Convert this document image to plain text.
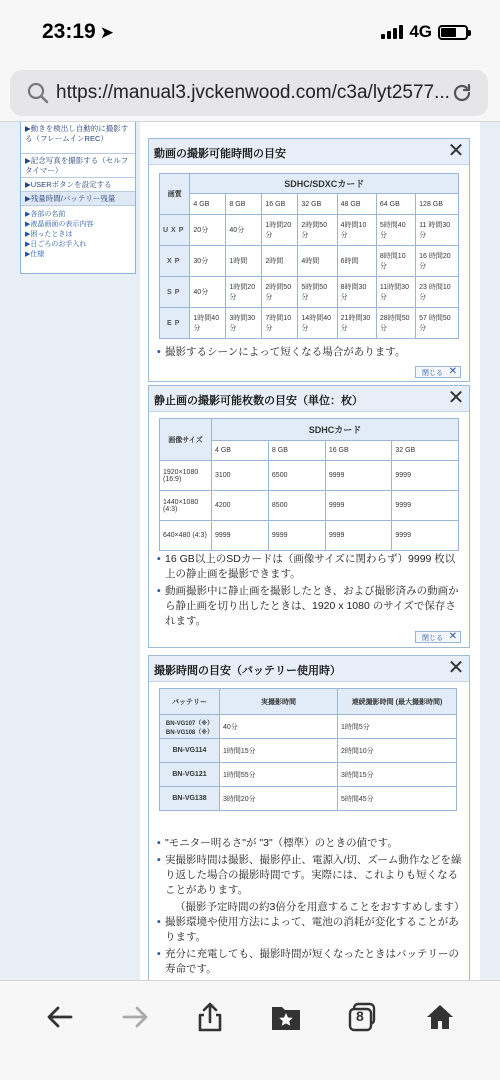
23:19 ➤	4G
https://manual3.jvckenwood.com/c3a/lyt2577...
▶動きを検出し自動的に撮影する（フレームインREC）
▶記念写真を撮影する（セルフタイマー）
▶USERボタンを設定する
▶残量時間/バッテリー残量
▶各部の名前
▶液晶画面の表示内容
▶困ったときは
▶日ごろのお手入れ
▶仕様
動画の撮影可能時間の目安	✕
画質	SDHC/SDXCカード						
	4 GB	8 GB	16 GB	32 GB	48 GB	64 GB	128 GB
UXP	20分	40分	1時間20分	2時間50分	4時間10分	5時間40分	11 時間30 分
XP	30分	1時間	2時間	4時間	6時間	8時間10分	16 時間20 分
SP	40分	1時間20分	2時間50分	5時間50分	8時間30分	11時間30分	23 時間10 分
EP	1時間40分	3時間30分	7時間10分	14時間40分	21時間30分	28時間50分	57 時間50 分
• 撮影するシーンによって短くなる場合があります。
閉じる ✕
静止画の撮影可能枚数の目安（単位：枚）	✕
画像サイズ	SDHCカード			
	4 GB	8 GB	16 GB	32 GB
1920×1080 (16:9)	3100	6500	9999	9999
1440×1080 (4:3)	4200	8500	9999	9999
640×480 (4:3)	9999	9999	9999	9999
• 16 GB以上のSDカードは（画像サイズに関わらず）9999 枚以上の静止画を撮影できます。
• 動画撮影中に静止画を撮影したとき、および撮影済みの動画から静止画を切り出したときは、1920 x 1080 のサイズで保存されます。
閉じる ✕
撮影時間の目安（バッテリー使用時）	✕
バッテリー	実撮影時間	連続撮影時間 (最大撮影時間)
BN-VG107（※）BN-VG108（※）	40分	1時間5分
BN-VG114	1時間15分	2時間10分
BN-VG121	1時間55分	3時間15分
BN-VG138	3時間20分	5時間45分
• "モニター明るさ"が "3"（標準）のときの値です。
• 実撮影時間は撮影、撮影停止、電源入/切、ズーム動作などを繰り返した場合の撮影時間です。実際には、これよりも短くなることがあります。
（撮影予定時間の約3倍分を用意することをおすすめします）
• 撮影環境や使用方法によって、電池の消耗が変化することがあります。
• 充分に充電しても、撮影時間が短くなったときはバッテリーの寿命です。
8
